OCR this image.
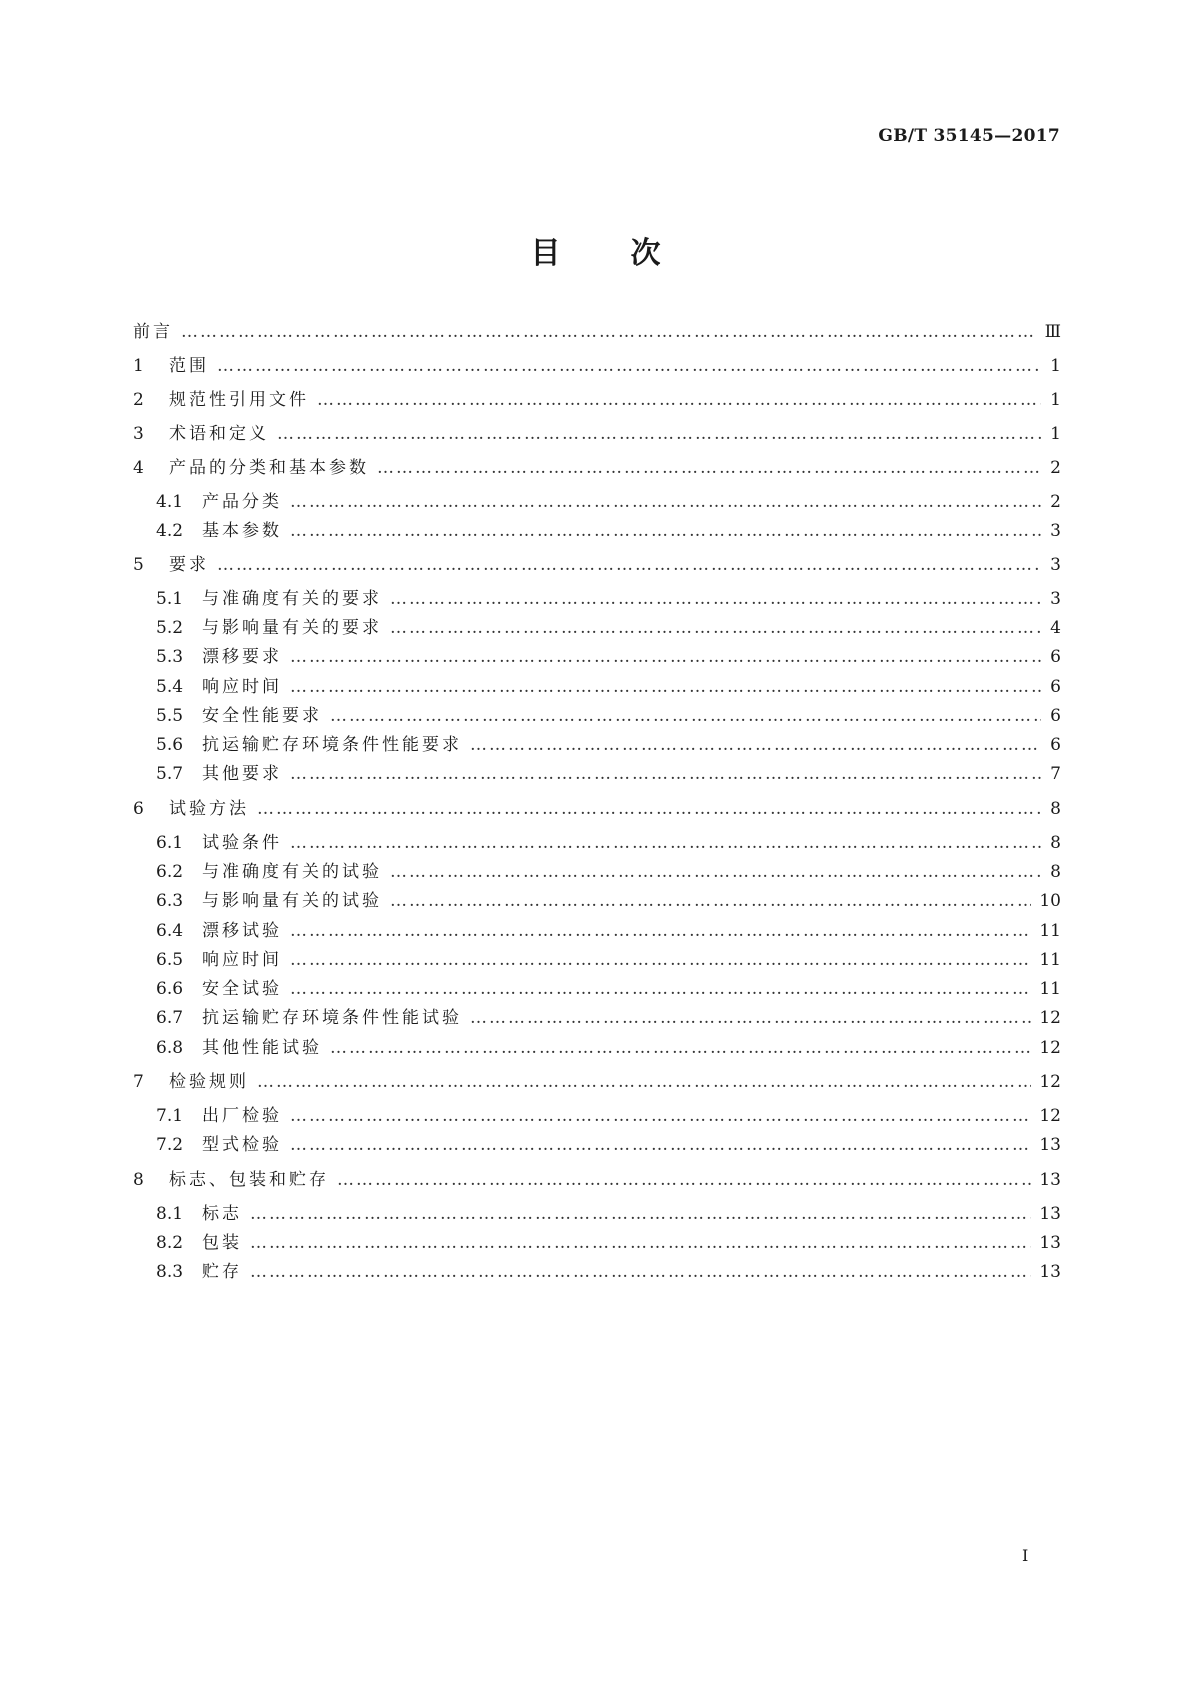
GB/T 35145—2017
目 次
前言 …………………………………………………………………………………………………………………………………………………………………………………	Ⅲ
1	范围 …………………………………………………………………………………………………………………………………………………………………………………	1
2	规范性引用文件 …………………………………………………………………………………………………………………………………………………………………………………	1
3	术语和定义 …………………………………………………………………………………………………………………………………………………………………………………	1
4	产品的分类和基本参数 …………………………………………………………………………………………………………………………………………………………………………………	2
4.1	产品分类 …………………………………………………………………………………………………………………………………………………………………………………	2
4.2	基本参数 …………………………………………………………………………………………………………………………………………………………………………………	3
5	要求 …………………………………………………………………………………………………………………………………………………………………………………	3
5.1	与准确度有关的要求 …………………………………………………………………………………………………………………………………………………………………………………	3
5.2	与影响量有关的要求 …………………………………………………………………………………………………………………………………………………………………………………	4
5.3	漂移要求 …………………………………………………………………………………………………………………………………………………………………………………	6
5.4	响应时间 …………………………………………………………………………………………………………………………………………………………………………………	6
5.5	安全性能要求 …………………………………………………………………………………………………………………………………………………………………………………	6
5.6	抗运输贮存环境条件性能要求 …………………………………………………………………………………………………………………………………………………………………………………	6
5.7	其他要求 …………………………………………………………………………………………………………………………………………………………………………………	7
6	试验方法 …………………………………………………………………………………………………………………………………………………………………………………	8
6.1	试验条件 …………………………………………………………………………………………………………………………………………………………………………………	8
6.2	与准确度有关的试验 …………………………………………………………………………………………………………………………………………………………………………………	8
6.3	与影响量有关的试验 …………………………………………………………………………………………………………………………………………………………………………………	10
6.4	漂移试验 …………………………………………………………………………………………………………………………………………………………………………………	11
6.5	响应时间 …………………………………………………………………………………………………………………………………………………………………………………	11
6.6	安全试验 …………………………………………………………………………………………………………………………………………………………………………………	11
6.7	抗运输贮存环境条件性能试验 …………………………………………………………………………………………………………………………………………………………………………………	12
6.8	其他性能试验 …………………………………………………………………………………………………………………………………………………………………………………	12
7	检验规则 …………………………………………………………………………………………………………………………………………………………………………………	12
7.1	出厂检验 …………………………………………………………………………………………………………………………………………………………………………………	12
7.2	型式检验 …………………………………………………………………………………………………………………………………………………………………………………	13
8	标志、包装和贮存 …………………………………………………………………………………………………………………………………………………………………………………	13
8.1	标志 …………………………………………………………………………………………………………………………………………………………………………………	13
8.2	包装 …………………………………………………………………………………………………………………………………………………………………………………	13
8.3	贮存 …………………………………………………………………………………………………………………………………………………………………………………	13
I
